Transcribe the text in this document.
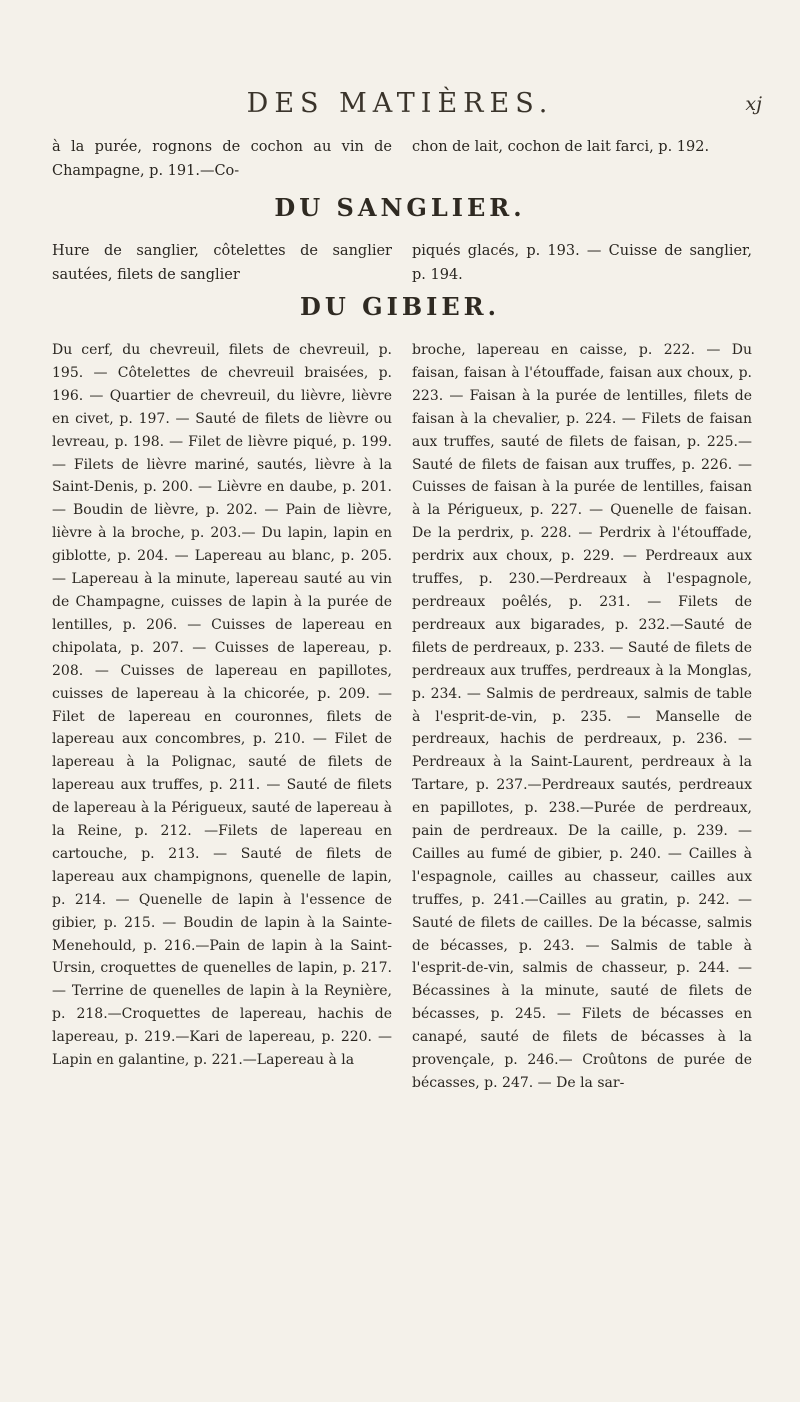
DES MATIÈRES.	xj

à la purée, rognons de cochon au vin de Champagne, p. 191.—Co-

chon de lait, cochon de lait farci, p. 192.

DU SANGLIER.

Hure de sanglier, côtelettes de sanglier sautées, filets de sanglier

piqués glacés, p. 193. — Cuisse de sanglier, p. 194.

DU GIBIER.

Du cerf, du chevreuil, filets de chevreuil, p. 195. — Côtelettes de chevreuil braisées, p. 196. — Quartier de chevreuil, du lièvre, lièvre en civet, p. 197. — Sauté de filets de lièvre ou levreau, p. 198. — Filet de lièvre piqué, p. 199. — Filets de lièvre mariné, sautés, lièvre à la Saint-Denis, p. 200. — Lièvre en daube, p. 201. — Boudin de lièvre, p. 202. — Pain de lièvre, lièvre à la broche, p. 203.— Du lapin, lapin en giblotte, p. 204. — Lapereau au blanc, p. 205. — Lapereau à la minute, lapereau sauté au vin de Champagne, cuisses de lapin à la purée de lentilles, p. 206. — Cuisses de lapereau en chipolata, p. 207. — Cuisses de lapereau, p. 208. — Cuisses de lapereau en papillotes, cuisses de lapereau à la chicorée, p. 209. —Filet de lapereau en couronnes, filets de lapereau aux concombres, p. 210. — Filet de lapereau à la Polignac, sauté de filets de lapereau aux truffes, p. 211. — Sauté de filets de lapereau à la Périgueux, sauté de lapereau à la Reine, p. 212. —Filets de lapereau en cartouche, p. 213. — Sauté de filets de lapereau aux champignons, quenelle de lapin, p. 214. — Quenelle de lapin à l'essence de gibier, p. 215. — Boudin de lapin à la Sainte-Menehould, p. 216.—Pain de lapin à la Saint-Ursin, croquettes de quenelles de lapin, p. 217. — Terrine de quenelles de lapin à la Reynière, p. 218.—Croquettes de lapereau, hachis de lapereau, p. 219.—Kari de lapereau, p. 220. — Lapin en galantine, p. 221.—Lapereau à la

broche, lapereau en caisse, p. 222. — Du faisan, faisan à l'étouffade, faisan aux choux, p. 223. — Faisan à la purée de lentilles, filets de faisan à la chevalier, p. 224. — Filets de faisan aux truffes, sauté de filets de faisan, p. 225.—Sauté de filets de faisan aux truffes, p. 226. — Cuisses de faisan à la purée de lentilles, faisan à la Périgueux, p. 227. — Quenelle de faisan. De la perdrix, p. 228. — Perdrix à l'étouffade, perdrix aux choux, p. 229. — Perdreaux aux truffes, p. 230.—Perdreaux à l'espagnole, perdreaux poêlés, p. 231. — Filets de perdreaux aux bigarades, p. 232.—Sauté de filets de perdreaux, p. 233. — Sauté de filets de perdreaux aux truffes, perdreaux à la Monglas, p. 234. — Salmis de perdreaux, salmis de table à l'esprit-de-vin, p. 235. — Manselle de perdreaux, hachis de perdreaux, p. 236. —Perdreaux à la Saint-Laurent, perdreaux à la Tartare, p. 237.—Perdreaux sautés, perdreaux en papillotes, p. 238.—Purée de perdreaux, pain de perdreaux. De la caille, p. 239. — Cailles au fumé de gibier, p. 240. — Cailles à l'espagnole, cailles au chasseur, cailles aux truffes, p. 241.—Cailles au gratin, p. 242. — Sauté de filets de cailles. De la bécasse, salmis de bécasses, p. 243. — Salmis de table à l'esprit-de-vin, salmis de chasseur, p. 244. — Bécassines à la minute, sauté de filets de bécasses, p. 245. — Filets de bécasses en canapé, sauté de filets de bécasses à la provençale, p. 246.— Croûtons de purée de bécasses, p. 247. — De la sar-
